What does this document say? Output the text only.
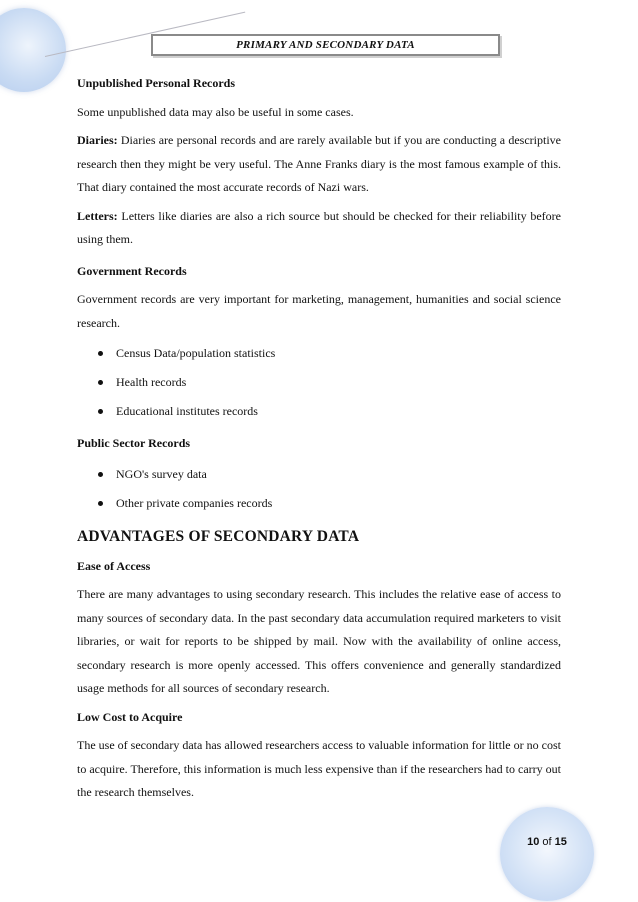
PRIMARY AND SECONDARY DATA

Unpublished Personal Records

Some unpublished data may also be useful in some cases.

Diaries: Diaries are personal records and are rarely available but if you are conducting a descriptive research then they might be very useful. The Anne Franks diary is the most famous example of this. That diary contained the most accurate records of Nazi wars.

Letters: Letters like diaries are also a rich source but should be checked for their reliability before using them.

Government Records

Government records are very important for marketing, management, humanities and social science research.

Census Data/population statistics
Health records
Educational institutes records

Public Sector Records

NGO's survey data
Other private companies records

ADVANTAGES OF SECONDARY DATA

Ease of Access

There are many advantages to using secondary research. This includes the relative ease of access to many sources of secondary data. In the past secondary data accumulation required marketers to visit libraries, or wait for reports to be shipped by mail. Now with the availability of online access, secondary research is more openly accessed. This offers convenience and generally standardized usage methods for all sources of secondary research.

Low Cost to Acquire

The use of secondary data has allowed researchers access to valuable information for little or no cost to acquire. Therefore, this information is much less expensive than if the researchers had to carry out the research themselves.

10 of 15
